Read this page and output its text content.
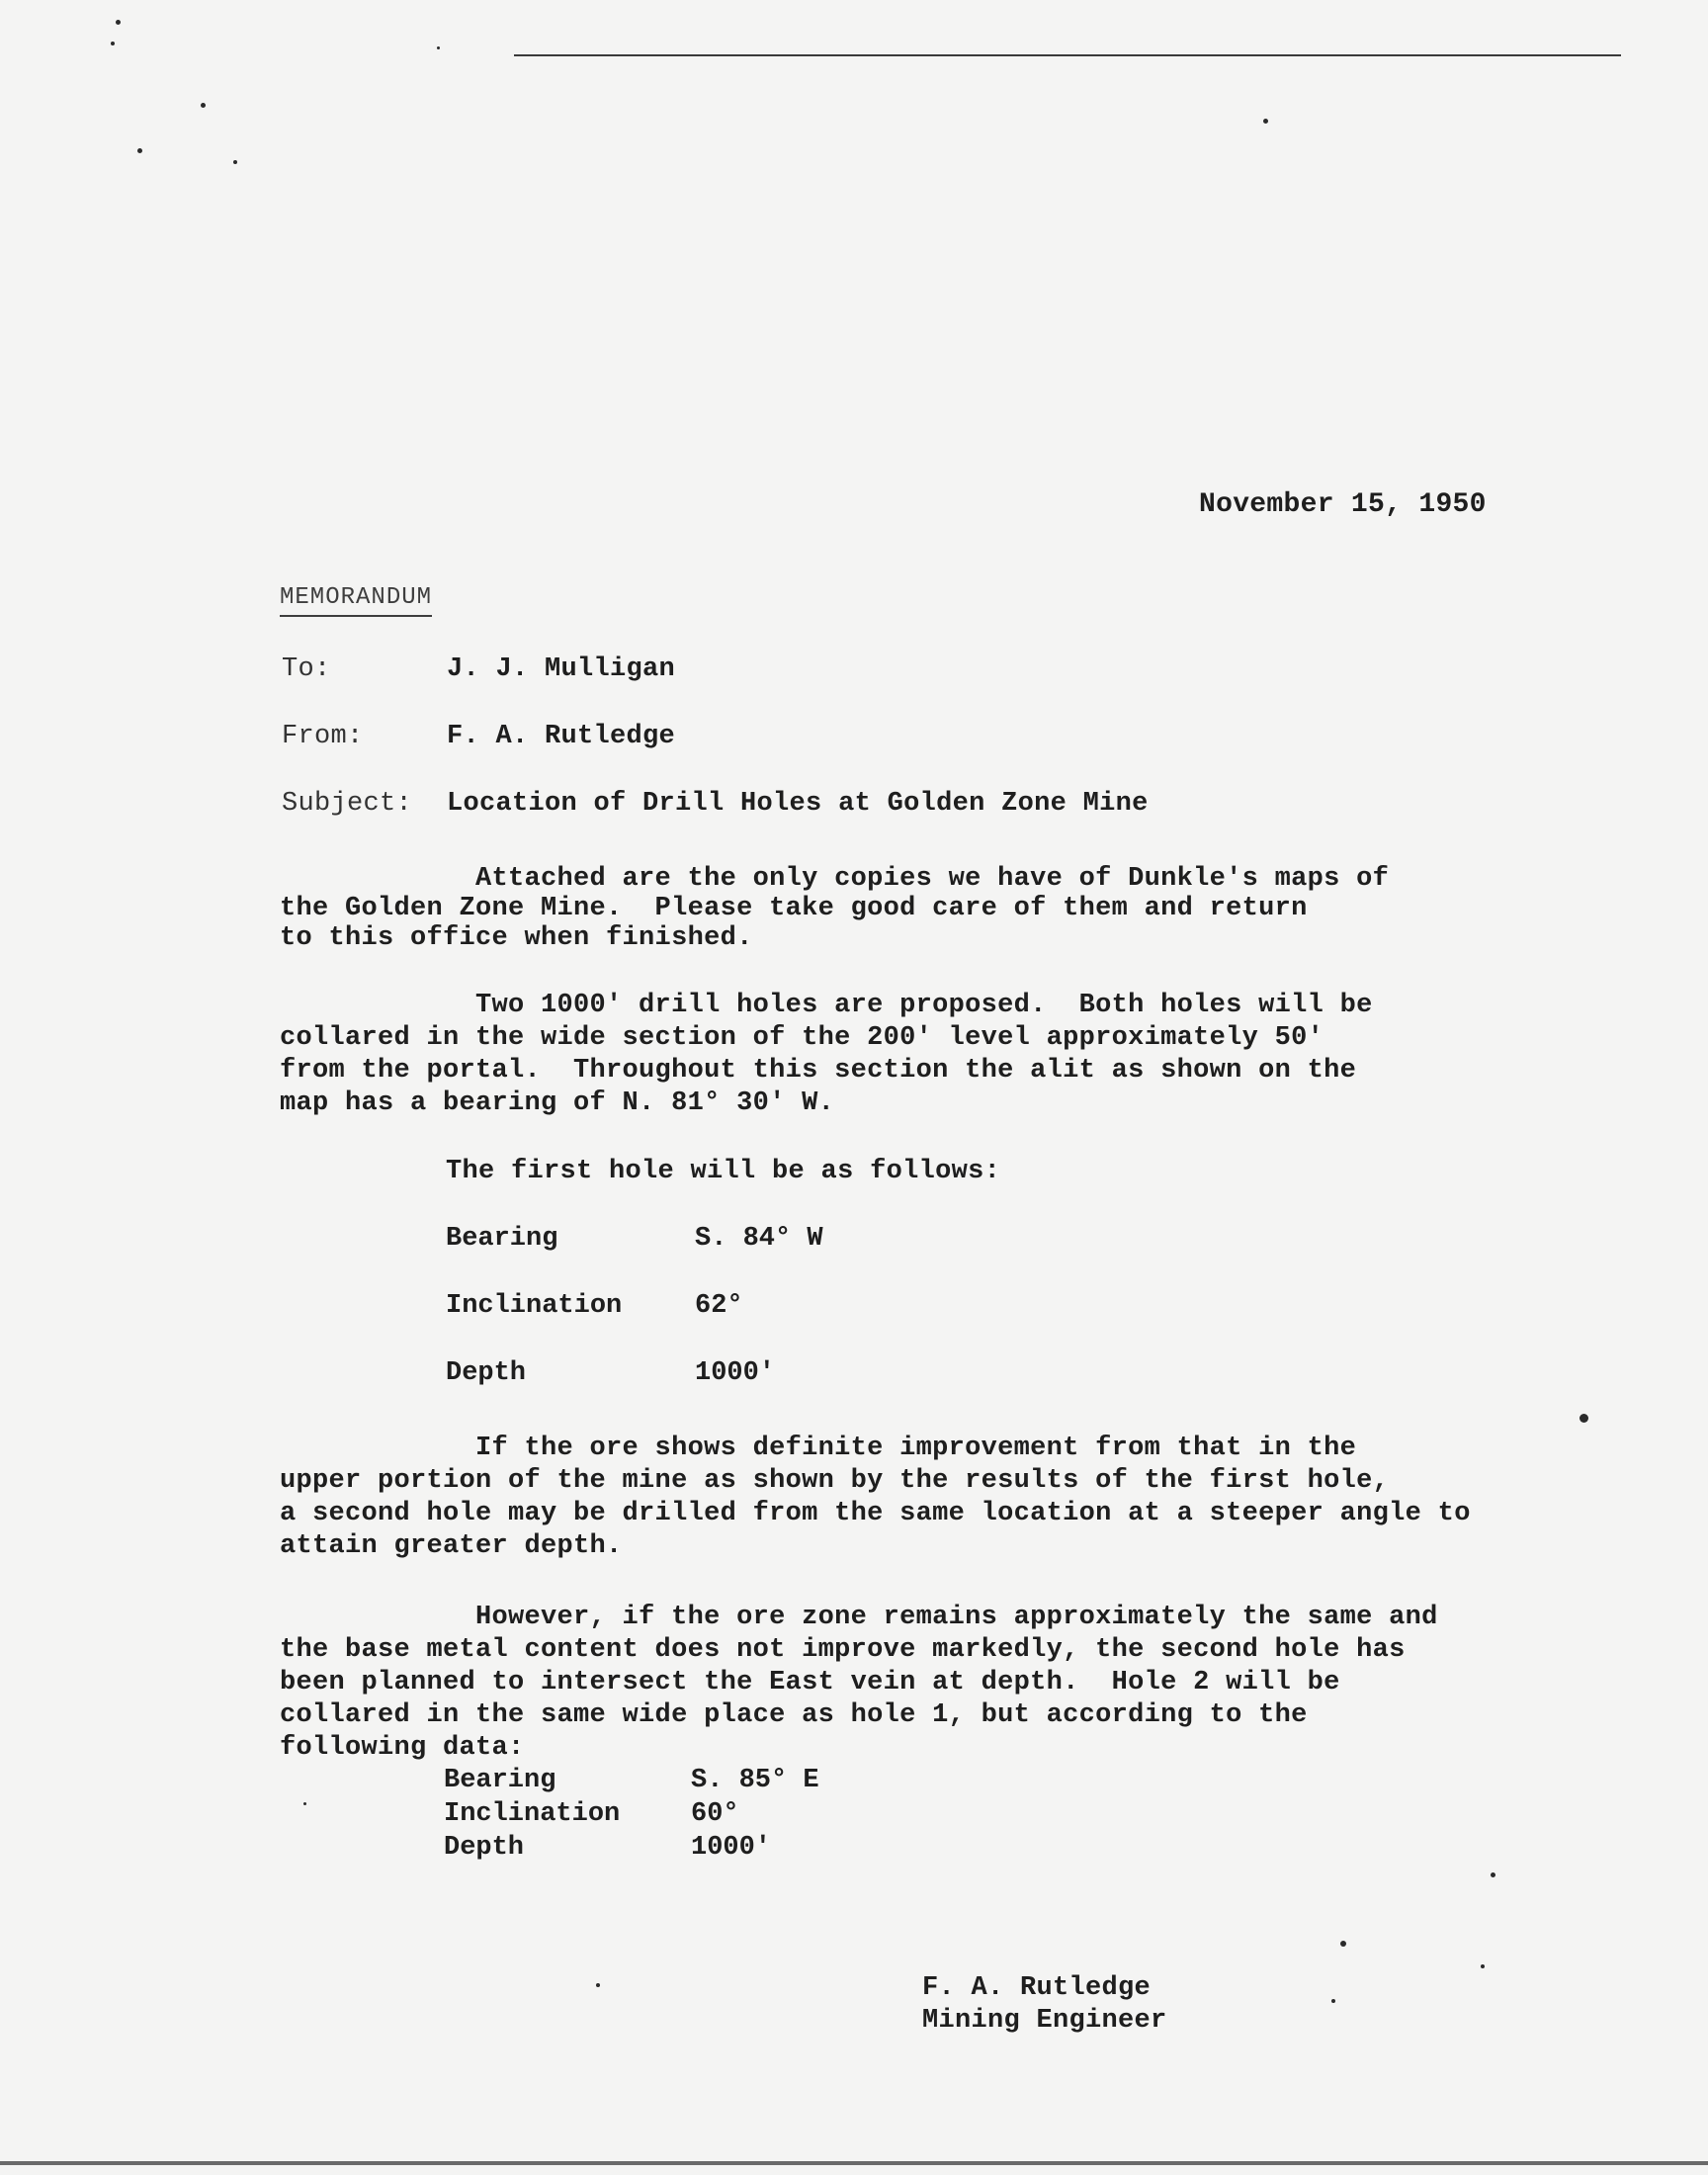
November 15, 1950
MEMORANDUM
To:	J. J. Mulligan
From:	F. A. Rutledge
Subject: Location of Drill Holes at Golden Zone Mine
Attached are the only copies we have of Dunkle's maps of
the Golden Zone Mine.  Please take good care of them and return
to this office when finished.
Two 1000' drill holes are proposed.  Both holes will be
collared in the wide section of the 200' level approximately 50'
from the portal.  Throughout this section the alit as shown on the
map has a bearing of N. 81° 30' W.
The first hole will be as follows:
Bearing	S. 84° W
Inclination	62°
Depth	1000'
If the ore shows definite improvement from that in the
upper portion of the mine as shown by the results of the first hole,
a second hole may be drilled from the same location at a steeper angle to
attain greater depth.
However, if the ore zone remains approximately the same and
the base metal content does not improve markedly, the second hole has
been planned to intersect the East vein at depth.  Hole 2 will be
collared in the same wide place as hole 1, but according to the
following data:
Bearing	S. 85° E
Inclination	60°
Depth	1000'
F. A. Rutledge
Mining Engineer
